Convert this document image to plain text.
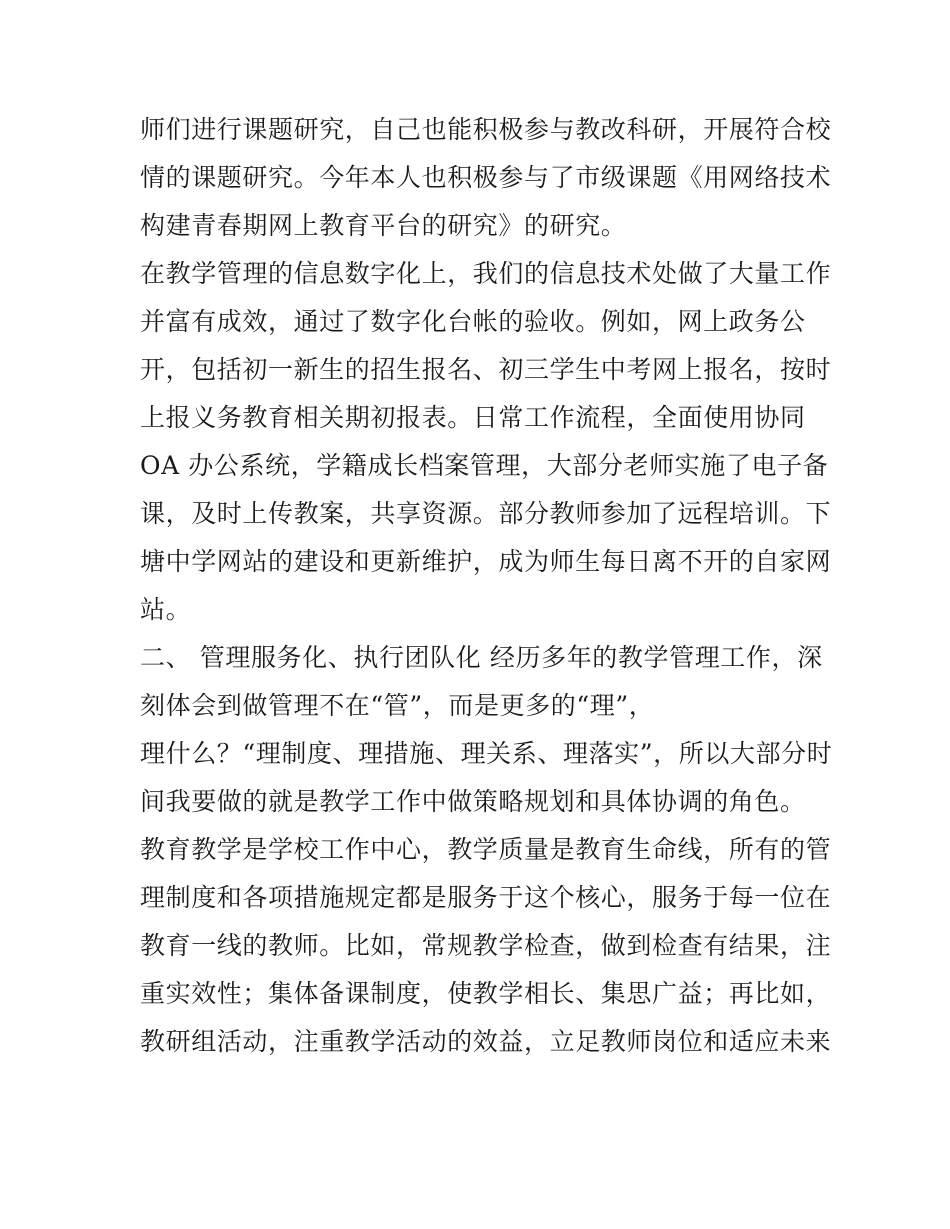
师们进行课题研究，自己也能积极参与教改科研，开展符合校
情的课题研究。今年本人也积极参与了市级课题《用网络技术
构建青春期网上教育平台的研究》的研究。
在教学管理的信息数字化上，我们的信息技术处做了大量工作
并富有成效，通过了数字化台帐的验收。例如，网上政务公
开，包括初一新生的招生报名、初三学生中考网上报名，按时
上报义务教育相关期初报表。日常工作流程，全面使用协同
OA 办公系统，学籍成长档案管理，大部分老师实施了电子备
课，及时上传教案，共享资源。部分教师参加了远程培训。下
塘中学网站的建设和更新维护，成为师生每日离不开的自家网
站。
二、 管理服务化、执行团队化 经历多年的教学管理工作，深
刻体会到做管理不在“管”，而是更多的“理”，
理什么？“理制度、理措施、理关系、理落实”，所以大部分时
间我要做的就是教学工作中做策略规划和具体协调的角色。
教育教学是学校工作中心，教学质量是教育生命线，所有的管
理制度和各项措施规定都是服务于这个核心，服务于每一位在
教育一线的教师。比如，常规教学检查，做到检查有结果，注
重实效性；集体备课制度，使教学相长、集思广益；再比如，
教研组活动，注重教学活动的效益，立足教师岗位和适应未来
